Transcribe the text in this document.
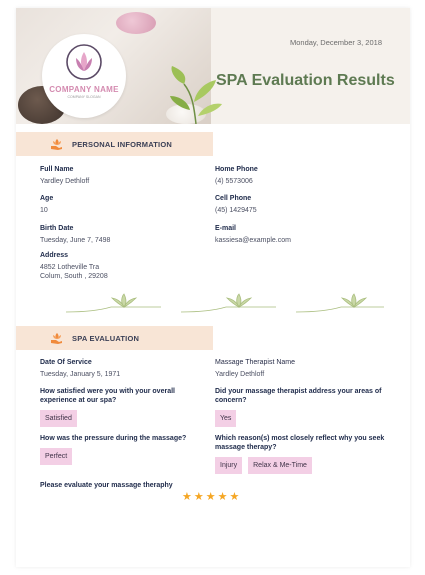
COMPANY NAME
COMPANY SLOGAN
Monday, December 3, 2018
SPA Evaluation Results
PERSONAL INFORMATION
Full Name
Yardley Dethloff
Home Phone
(4) 5573006
Age
10
Cell Phone
(45) 1429475
Birth Date
Tuesday, June 7, 7498
E-mail
kassiesa@example.com
Address
4852 Lotheville Tra
Colum, South , 29208
SPA EVALUATION
Date Of Service
Tuesday, January 5, 1971
Massage Therapist Name
Yardley Dethloff
How satisfied were you with your overall experience at our spa?
Satisfied
Did your massage therapist address your areas of concern?
Yes
How was the pressure during the massage?
Perfect
Which reason(s) most closely reflect why you seek massage therapy?
Injury	Relax & Me-Time
Please evaluate your massage theraphy
★ ★ ★ ★ ★
